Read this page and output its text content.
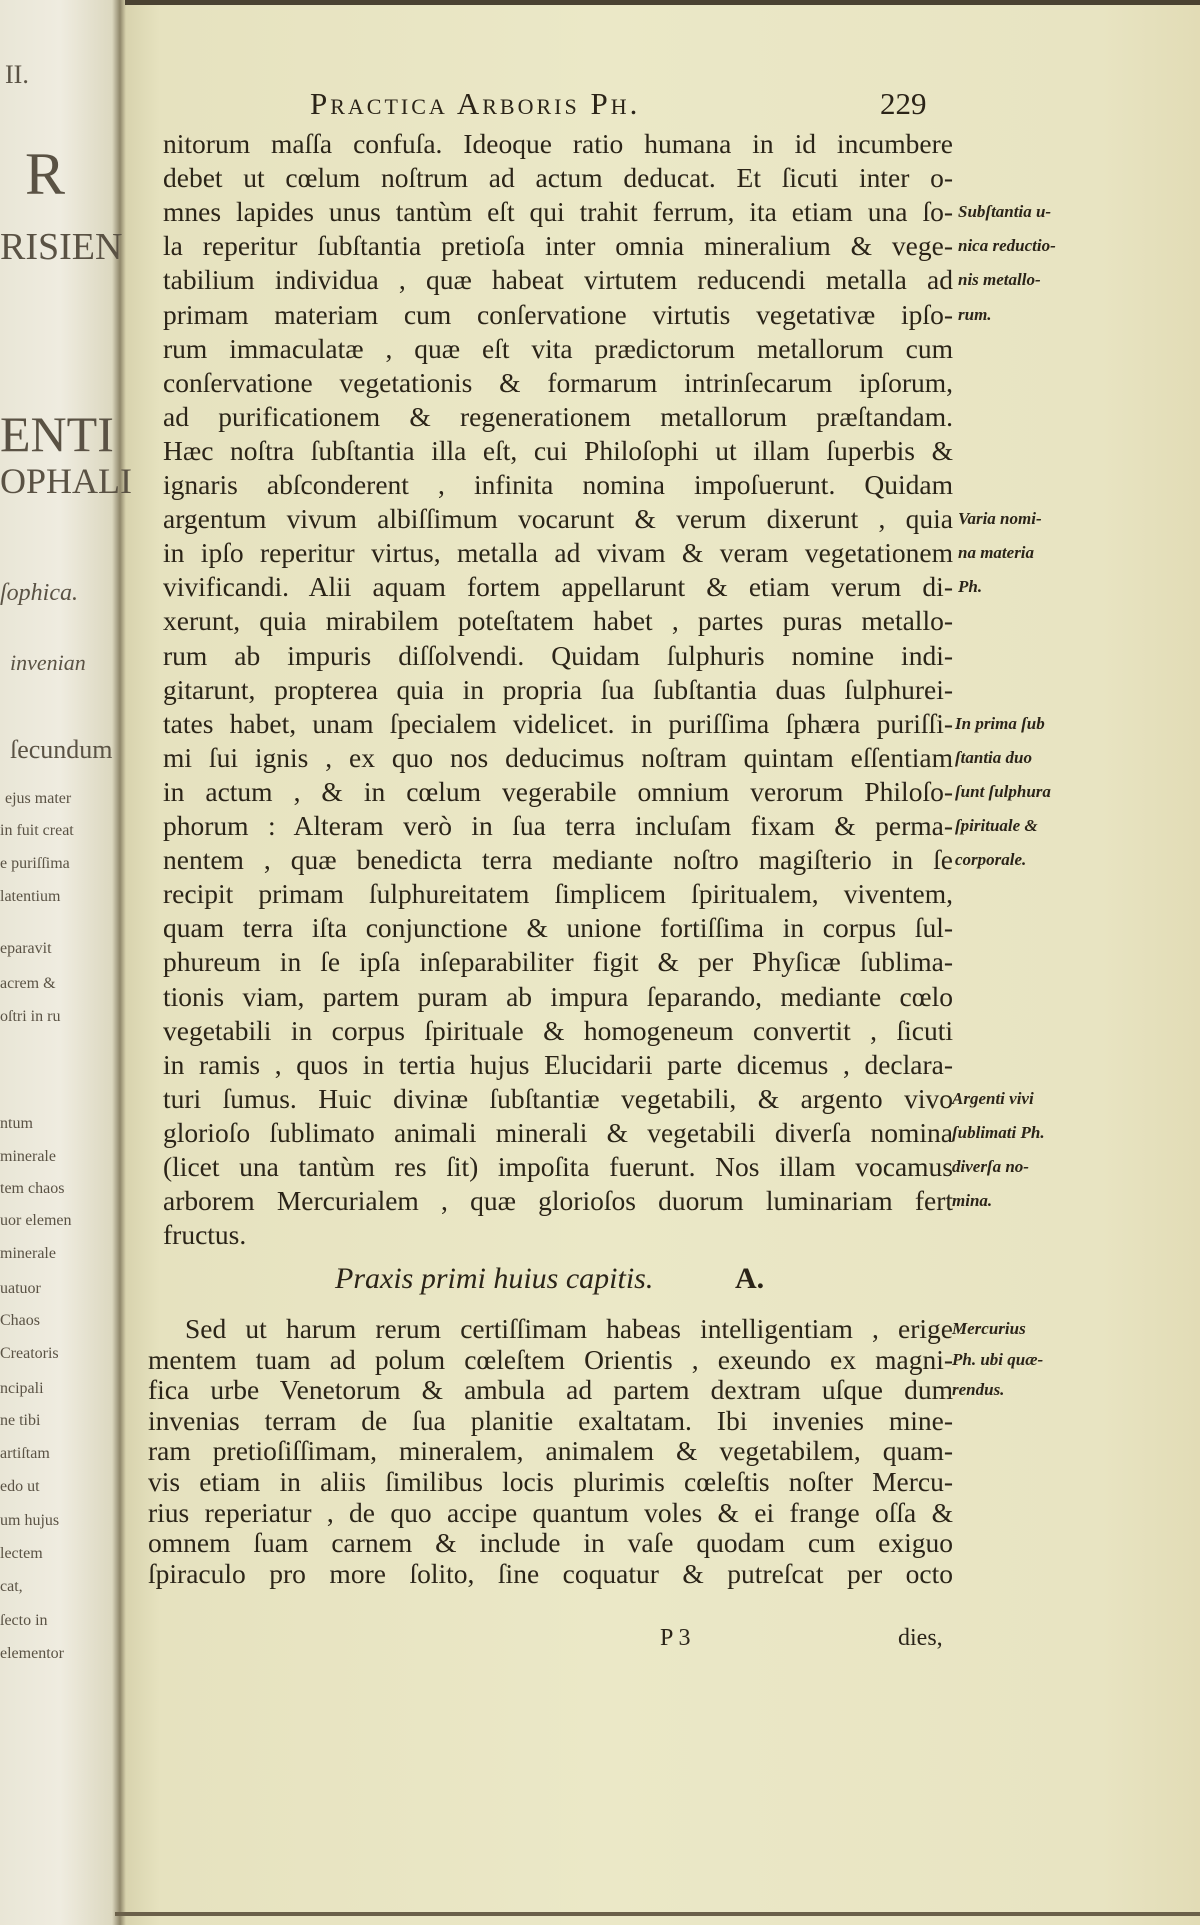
II.
R
RISIEN
ENTI
OPHALI
ſophica.
invenian
ſecundum
ejus mater
in fuit creat
e puriſſima
latentium
eparavit
acrem &
oſtri in ru
ntum
minerale
tem chaos
uor elemen
minerale
uatuor
Chaos
Creatoris
ncipali
ne tibi
artiſtam
edo ut
um hujus
lectem
cat,
ſecto in
elementor
Practica Arboris Ph.	229
nitorum maſſa confuſa. Ideoque ratio humana in id incumbere
debet ut cœlum noſtrum ad actum deducat. Et ſicuti inter o-
mnes lapides unus tantùm eſt qui trahit ferrum, ita etiam una ſo-
la reperitur ſubſtantia pretioſa inter omnia mineralium & vege-
tabilium individua , quæ habeat virtutem reducendi metalla ad
primam materiam cum conſervatione virtutis vegetativæ ipſo-
rum immaculatæ , quæ eſt vita prædictorum metallorum cum
conſervatione vegetationis & formarum intrinſecarum ipſorum,
ad purificationem & regenerationem metallorum præſtandam.
Hæc noſtra ſubſtantia illa eſt, cui Philoſophi ut illam ſuperbis &
ignaris abſconderent , infinita nomina impoſuerunt. Quidam
argentum vivum albiſſimum vocarunt & verum dixerunt , quia
in ipſo reperitur virtus, metalla ad vivam & veram vegetationem
vivificandi. Alii aquam fortem appellarunt & etiam verum di-
xerunt, quia mirabilem poteſtatem habet , partes puras metallo-
rum ab impuris diſſolvendi. Quidam ſulphuris nomine indi-
gitarunt, propterea quia in propria ſua ſubſtantia duas ſulphurei-
tates habet, unam ſpecialem videlicet. in puriſſima ſphæra puriſſi-
mi ſui ignis , ex quo nos deducimus noſtram quintam eſſentiam
in actum , & in cœlum vegerabile omnium verorum Philoſo-
phorum : Alteram verò in ſua terra incluſam fixam & perma-
nentem , quæ benedicta terra mediante noſtro magiſterio in ſe
recipit primam ſulphureitatem ſimplicem ſpiritualem, viventem,
quam terra iſta conjunctione & unione fortiſſima in corpus ſul-
phureum in ſe ipſa inſeparabiliter figit & per Phyſicæ ſublima-
tionis viam, partem puram ab impura ſeparando, mediante cœlo
vegetabili in corpus ſpirituale & homogeneum convertit , ſicuti
in ramis , quos in tertia hujus Elucidarii parte dicemus , declara-
turi ſumus. Huic divinæ ſubſtantiæ vegetabili, & argento vivo
glorioſo ſublimato animali minerali & vegetabili diverſa nomina
(licet una tantùm res ſit) impoſita fuerunt. Nos illam vocamus
arborem Mercurialem , quæ glorioſos duorum luminariam fert
fructus.
Subſtantia u-
nica reductio-
nis metallo-
rum.
Varia nomi-
na materia
Ph.
In prima ſub
ſtantia duo
ſunt ſulphura
ſpirituale &
corporale.
Argenti vivi
ſublimati Ph.
diverſa no-
mina.
Mercurius
Ph. ubi quæ-
rendus.
Praxis primi huius capitis.	A.
Sed ut harum rerum certiſſimam habeas intelligentiam , erige
mentem tuam ad polum cœleſtem Orientis , exeundo ex magni-
fica urbe Venetorum & ambula ad partem dextram uſque dum
invenias terram de ſua planitie exaltatam. Ibi invenies mine-
ram pretioſiſſimam, mineralem, animalem & vegetabilem, quam-
vis etiam in aliis ſimilibus locis plurimis cœleſtis noſter Mercu-
rius reperiatur , de quo accipe quantum voles & ei frange oſſa &
omnem ſuam carnem & include in vaſe quodam cum exiguo
ſpiraculo pro more ſolito, ſine coquatur & putreſcat per octo
P 3	dies,
